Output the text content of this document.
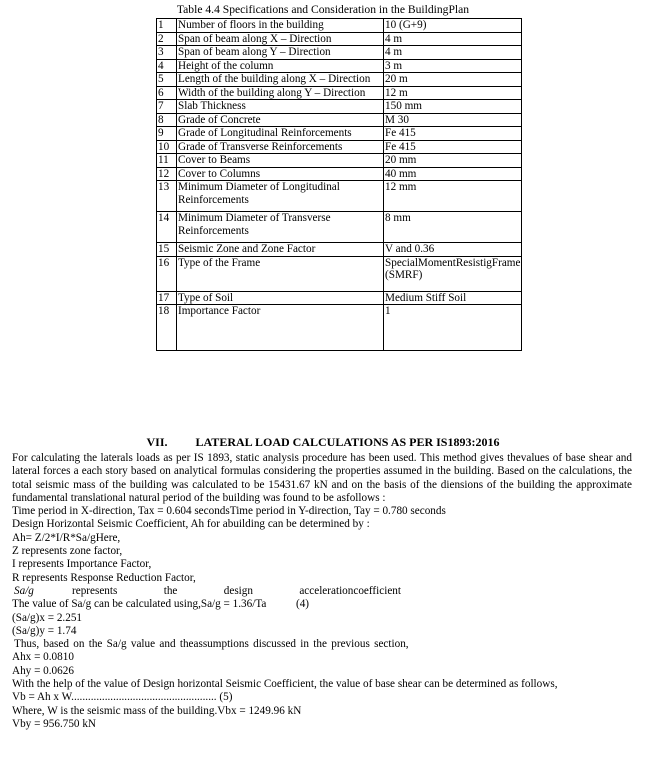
Table 4.4 Specifications and Consideration in the BuildingPlan
1	Number of floors in the building	10 (G+9)
2	Span of beam along X – Direction	4 m
3	Span of beam along Y – Direction	4 m
4	Height of the column	3 m
5	Length of the building along X – Direction	20 m
6	Width of the building along Y – Direction	12 m
7	Slab Thickness	150 mm
8	Grade of Concrete	M 30
9	Grade of Longitudinal Reinforcements	Fe 415
10	Grade of Transverse Reinforcements	Fe 415
11	Cover to Beams	20 mm
12	Cover to Columns	40 mm
13	Minimum Diameter of Longitudinal Reinforcements	12 mm
14	Minimum Diameter of Transverse Reinforcements	8 mm
15	Seismic Zone and Zone Factor	V and 0.36
16	Type of the Frame	SpecialMomentResistigFrame (SMRF)
17	Type of Soil	Medium Stiff Soil
18	Importance Factor	1
VII. LATERAL LOAD CALCULATIONS AS PER IS1893:2016

For calculating the laterals loads as per IS 1893, static analysis procedure has been used. This method gives thevalues of base shear and lateral forces a each story based on analytical formulas considering the properties assumed in the building. Based on the calculations, the total seismic mass of the building was calculated to be 15431.67 kN and on the basis of the diensions of the building the approximate fundamental translational natural period of the building was found to be asfollows :

Time period in X-direction, Tax = 0.604 secondsTime period in Y-direction, Tay = 0.780 seconds

Design Horizontal Seismic Coefficient, Ah for abuilding can be determined by :

Ah= Z/2*I/R*Sa/gHere,

Z represents zone factor,

I represents Importance Factor,

R represents Response Reduction Factor,

Sa/g	represents the design accelerationcoefficient

The value of Sa/g can be calculated using,Sa/g = 1.36/Ta	(4)

(Sa/g)x = 2.251

(Sa/g)y = 1.74

Thus, based on the Sa/g value and theassumptions discussed in the previous section,

Ahx = 0.0810

Ahy = 0.0626

With the help of the value of Design horizontal Seismic Coefficient, the value of base shear can be determined as follows,

Vb = Ah x W.................................................... (5)

Where, W is the seismic mass of the building.Vbx = 1249.96 kN

Vby = 956.750 kN
